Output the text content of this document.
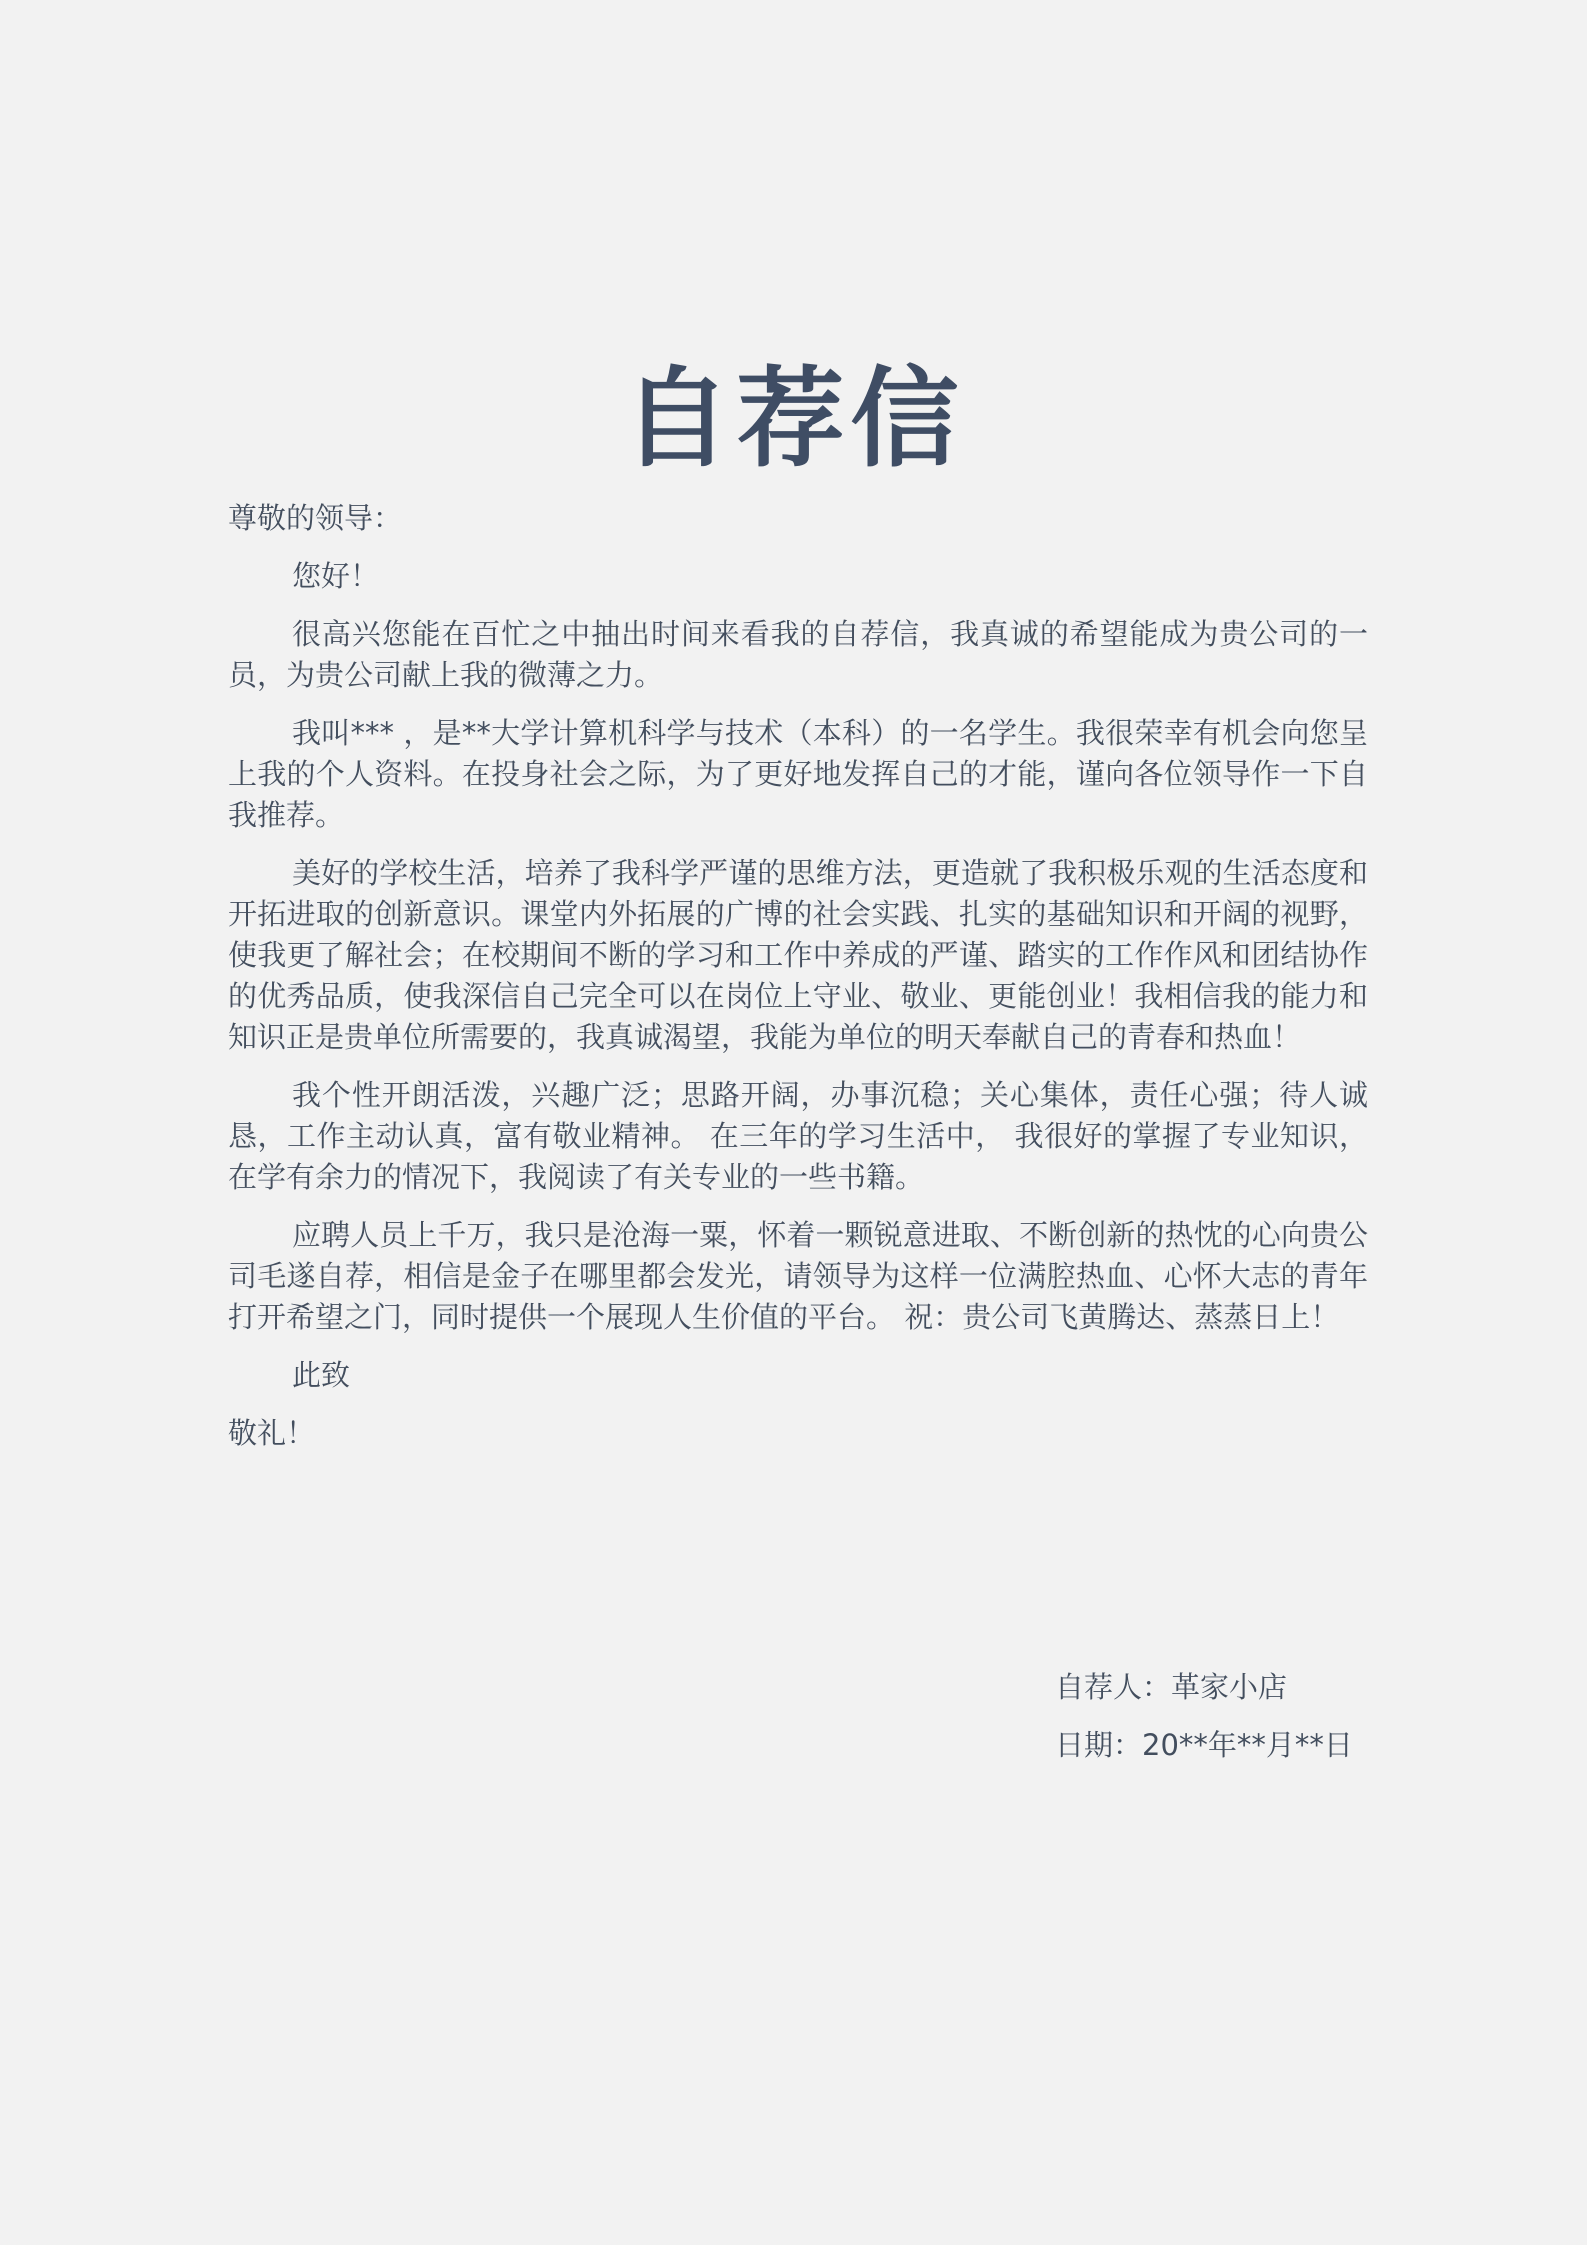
自荐信

尊敬的领导：

您好！

很高兴您能在百忙之中抽出时间来看我的自荐信，我真诚的希望能成为贵公司的一员，为贵公司献上我的微薄之力。

我叫*** ，是**大学计算机科学与技术（本科）的一名学生。我很荣幸有机会向您呈上我的个人资料。在投身社会之际，为了更好地发挥自己的才能，谨向各位领导作一下自我推荐。

美好的学校生活，培养了我科学严谨的思维方法，更造就了我积极乐观的生活态度和开拓进取的创新意识。课堂内外拓展的广博的社会实践、扎实的基础知识和开阔的视野，使我更了解社会；在校期间不断的学习和工作中养成的严谨、踏实的工作作风和团结协作的优秀品质，使我深信自己完全可以在岗位上守业、敬业、更能创业！我相信我的能力和知识正是贵单位所需要的，我真诚渴望，我能为单位的明天奉献自己的青春和热血！

我个性开朗活泼，兴趣广泛；思路开阔，办事沉稳；关心集体，责任心强；待人诚恳，工作主动认真，富有敬业精神。 在三年的学习生活中， 我很好的掌握了专业知识，在学有余力的情况下，我阅读了有关专业的一些书籍。

应聘人员上千万，我只是沧海一粟，怀着一颗锐意进取、不断创新的热忱的心向贵公司毛遂自荐，相信是金子在哪里都会发光，请领导为这样一位满腔热血、心怀大志的青年打开希望之门，同时提供一个展现人生价值的平台。 祝：贵公司飞黄腾达、蒸蒸日上！

此致

敬礼！

自荐人：革家小店
日期：20**年**月**日
